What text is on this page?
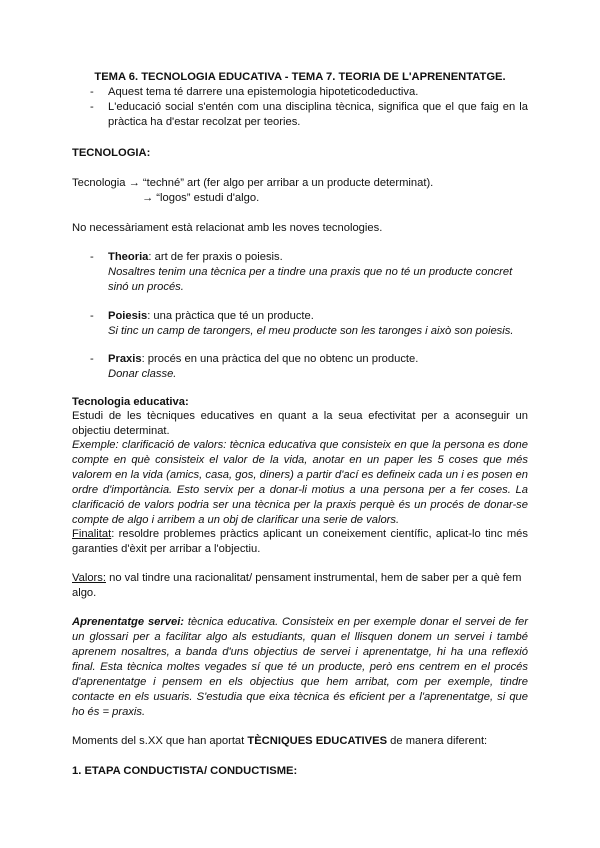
TEMA 6. TECNOLOGIA EDUCATIVA - TEMA 7. TEORIA DE L'APRENENTATGE.

-	Aquest tema té darrere una epistemologia hipoteticodeductiva.

-	L'educació social s'entén com una disciplina tècnica, significa que el que faig en la pràctica ha d'estar recolzat per teories.

TECNOLOGIA:

Tecnologia → “techné” art (fer algo per arribar a un producte determinat).

→ “logos” estudi d'algo.

No necessàriament està relacionat amb les noves tecnologies.

-	Theoria: art de fer praxis o poiesis.
Nosaltres tenim una tècnica per a tindre una praxis que no té un producte concret sinó un procés.

-	Poiesis: una pràctica que té un producte.
Si tinc un camp de tarongers, el meu producte son les taronges i això son poiesis.

-	Praxis: procés en una pràctica del que no obtenc un producte.
Donar classe.

Tecnologia educativa:

Estudi de les tècniques educatives en quant a la seua efectivitat per a aconseguir un objectiu determinat.

Exemple: clarificació de valors: tècnica educativa que consisteix en que la persona es done compte en què consisteix el valor de la vida, anotar en un paper les 5 coses que més valorem en la vida (amics, casa, gos, diners) a partir d'ací es defineix cada un i es posen en ordre d'importància. Esto servix per a donar-li motius a una persona per a fer coses. La clarificació de valors podria ser una tècnica per la praxis perquè és un procés de donar-se compte de algo i arribem a un obj de clarificar una serie de valors.

Finalitat: resoldre problemes pràctics aplicant un coneixement científic, aplicat-lo tinc més garanties d'èxit per arribar a l'objectiu.

Valors: no val tindre una racionalitat/ pensament instrumental, hem de saber per a què fem algo.

Aprenentatge servei: tècnica educativa. Consisteix en per exemple donar el servei de fer un glossari per a facilitar algo als estudiants, quan el llisquen donem un servei i també aprenem nosaltres, a banda d'uns objectius de servei i aprenentatge, hi ha una reflexió final. Esta tècnica moltes vegades sí que té un producte, però ens centrem en el procés d'aprenentatge i pensem en els objectius que hem arribat, com per exemple, tindre contacte en els usuaris. S'estudia que eixa tècnica és eficient per a l'aprenentatge, si que ho és = praxis.

Moments del s.XX que han aportat TÈCNIQUES EDUCATIVES de manera diferent:

1. ETAPA CONDUCTISTA/ CONDUCTISME:
